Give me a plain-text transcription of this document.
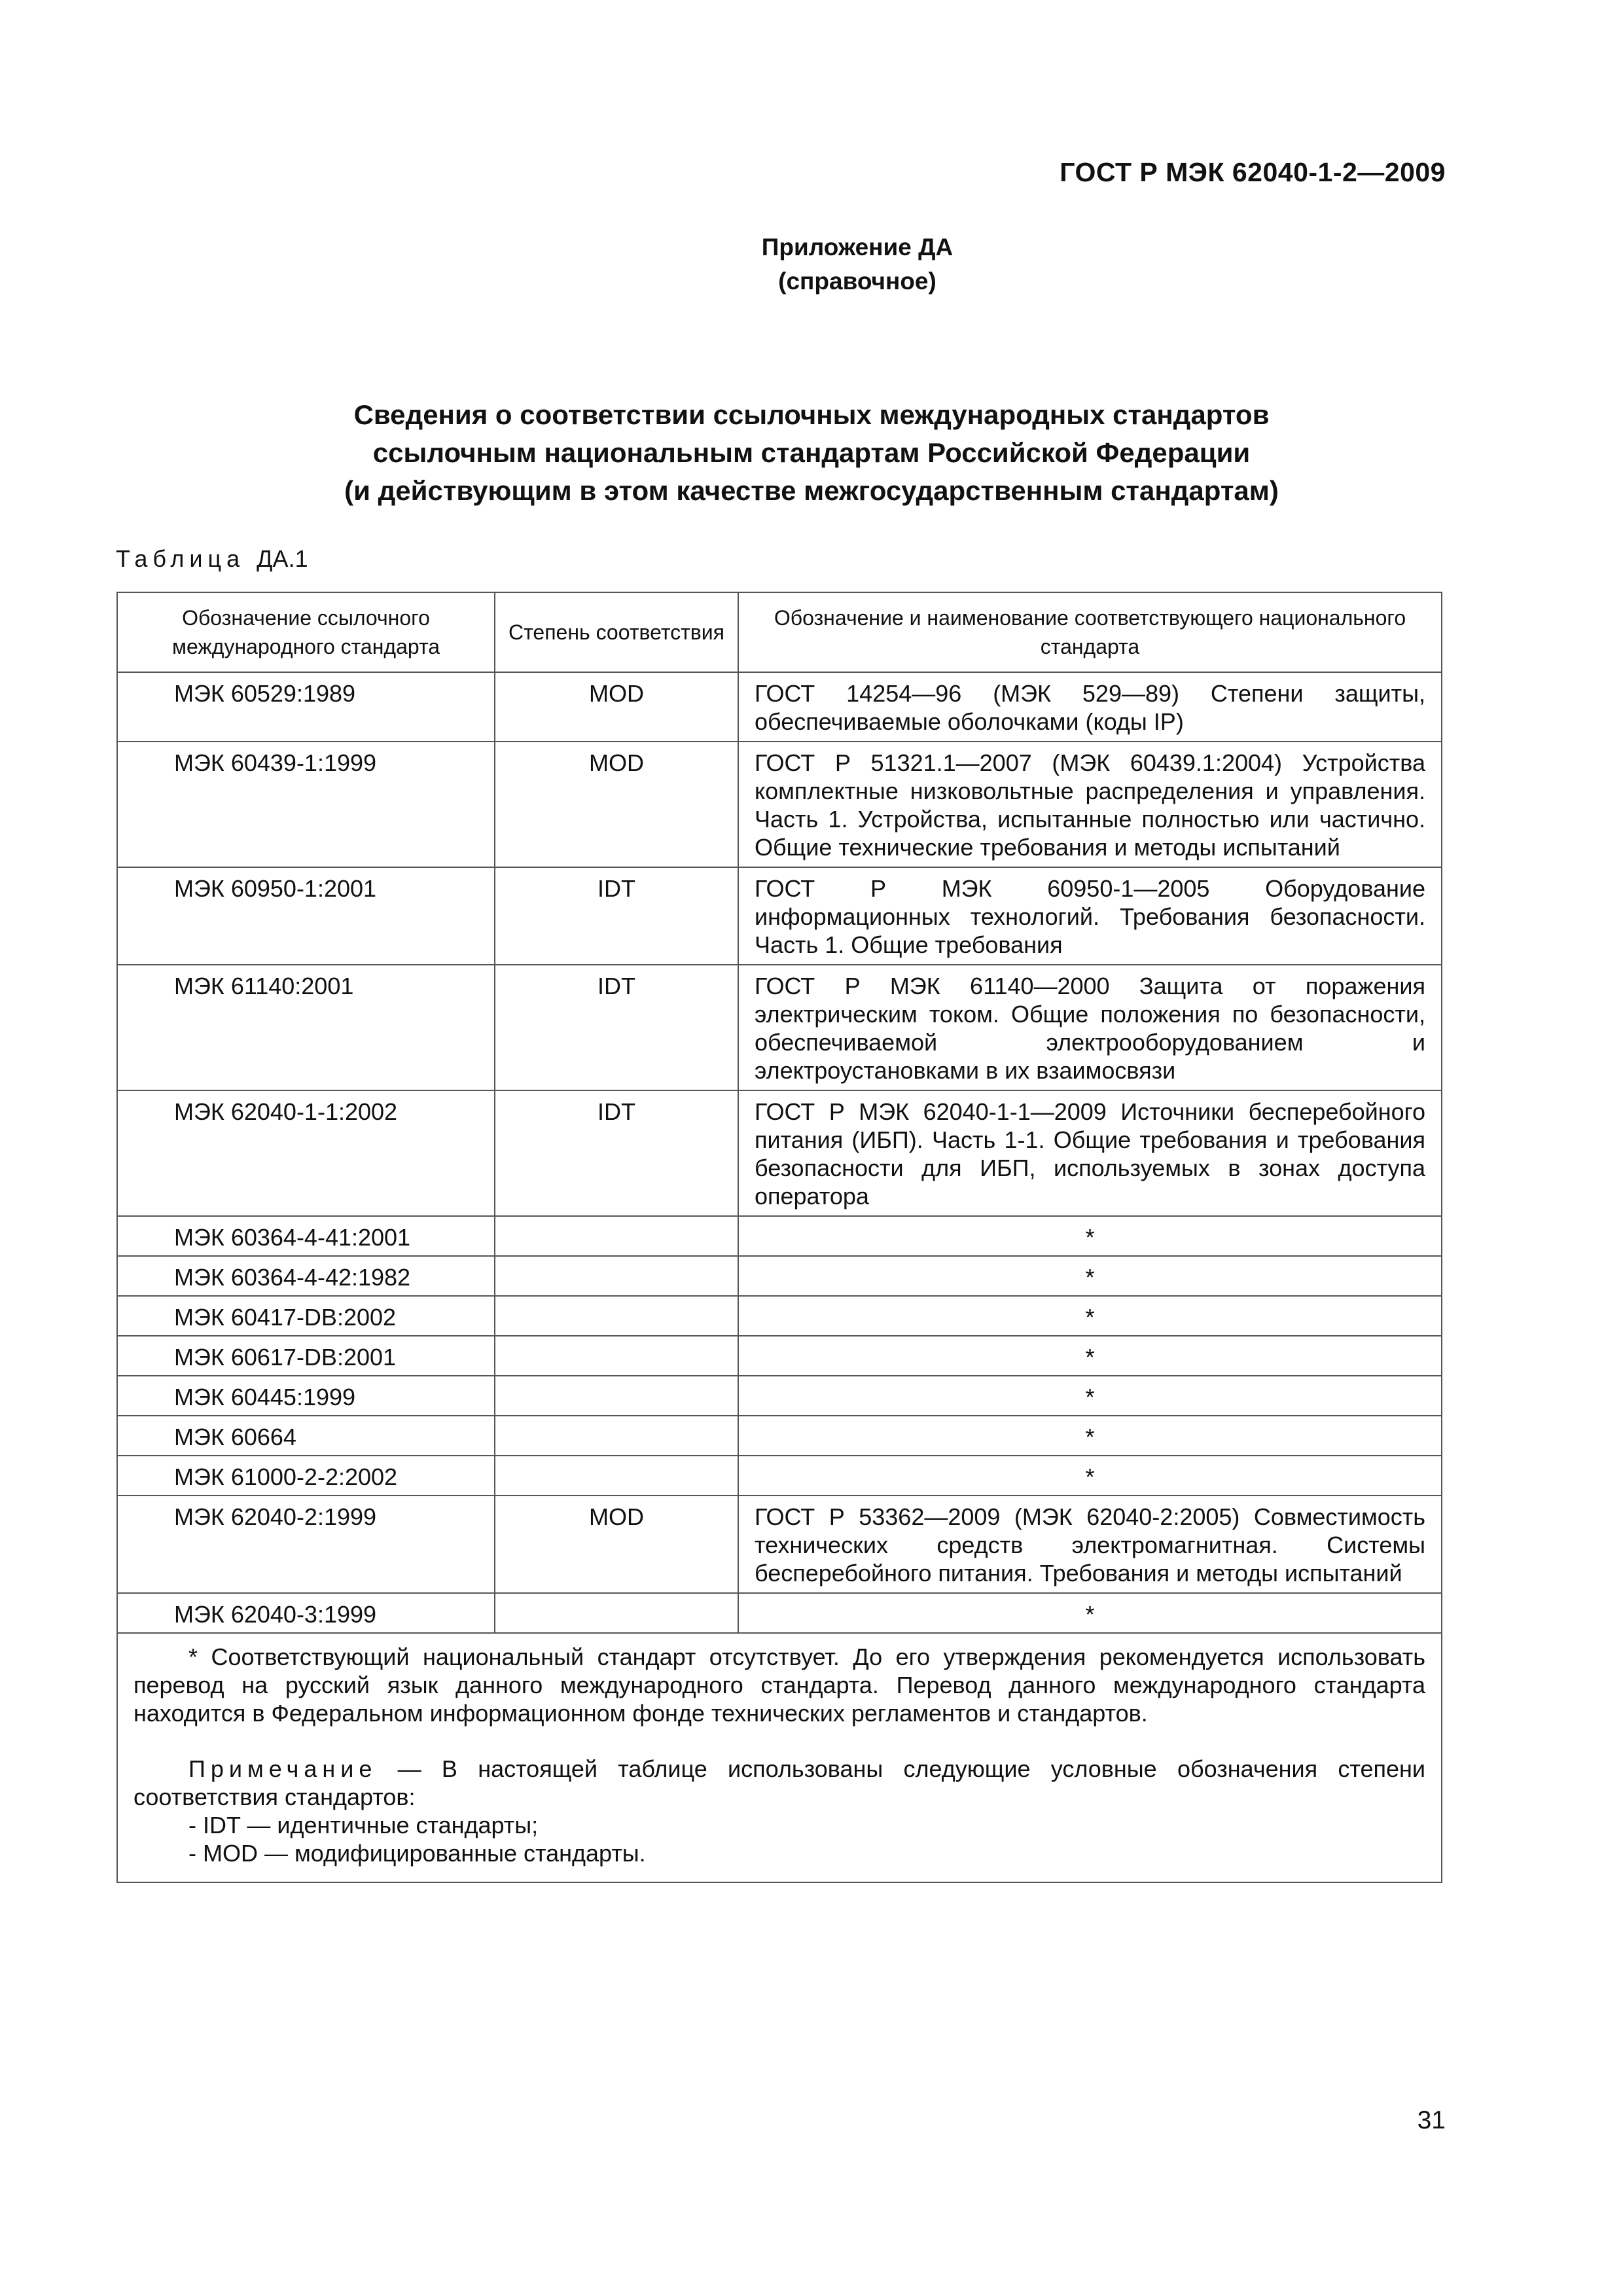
ГОСТ Р МЭК 62040-1-2—2009
Приложение ДА
(справочное)
Сведения о соответствии ссылочных международных стандартов
ссылочным национальным стандартам Российской Федерации
(и действующим в этом качестве межгосударственным стандартам)
Таблица ДА.1
Обозначение ссылочного международного стандарта	Степень соответствия	Обозначение и наименование соответствующего национального стандарта
МЭК 60529:1989	MOD	ГОСТ 14254—96 (МЭК 529—89) Степени защиты, обеспечиваемые оболочками (коды IP)
МЭК 60439-1:1999	MOD	ГОСТ Р 51321.1—2007 (МЭК 60439.1:2004) Устройства комплектные низковольтные распределения и управления. Часть 1. Устройства, испытанные полностью или частично. Общие технические требования и методы испытаний
МЭК 60950-1:2001	IDT	ГОСТ Р МЭК 60950-1—2005 Оборудование информационных технологий. Требования безопасности. Часть 1. Общие требования
МЭК 61140:2001	IDT	ГОСТ Р МЭК 61140—2000 Защита от поражения электрическим током. Общие положения по безопасности, обеспечиваемой электрооборудованием и электроустановками в их взаимосвязи
МЭК 62040-1-1:2002	IDT	ГОСТ Р МЭК 62040-1-1—2009 Источники бесперебойного питания (ИБП). Часть 1-1. Общие требования и требования безопасности для ИБП, используемых в зонах доступа оператора
МЭК 60364-4-41:2001		*
МЭК 60364-4-42:1982		*
МЭК 60417-DB:2002		*
МЭК 60617-DB:2001		*
МЭК 60445:1999		*
МЭК 60664		*
МЭК 61000-2-2:2002		*
МЭК 62040-2:1999	MOD	ГОСТ Р 53362—2009 (МЭК 62040-2:2005) Совместимость технических средств электромагнитная. Системы бесперебойного питания. Требования и методы испытаний
МЭК 62040-3:1999		*

* Соответствующий национальный стандарт отсутствует. До его утверждения рекомендуется использовать перевод на русский язык данного международного стандарта. Перевод данного международного стандарта находится в Федеральном информационном фонде технических регламентов и стандартов.

Примечание — В настоящей таблице использованы следующие условные обозначения степени соответствия стандартов:

- IDT — идентичные стандарты;

- MOD — модифицированные стандарты.		

31
